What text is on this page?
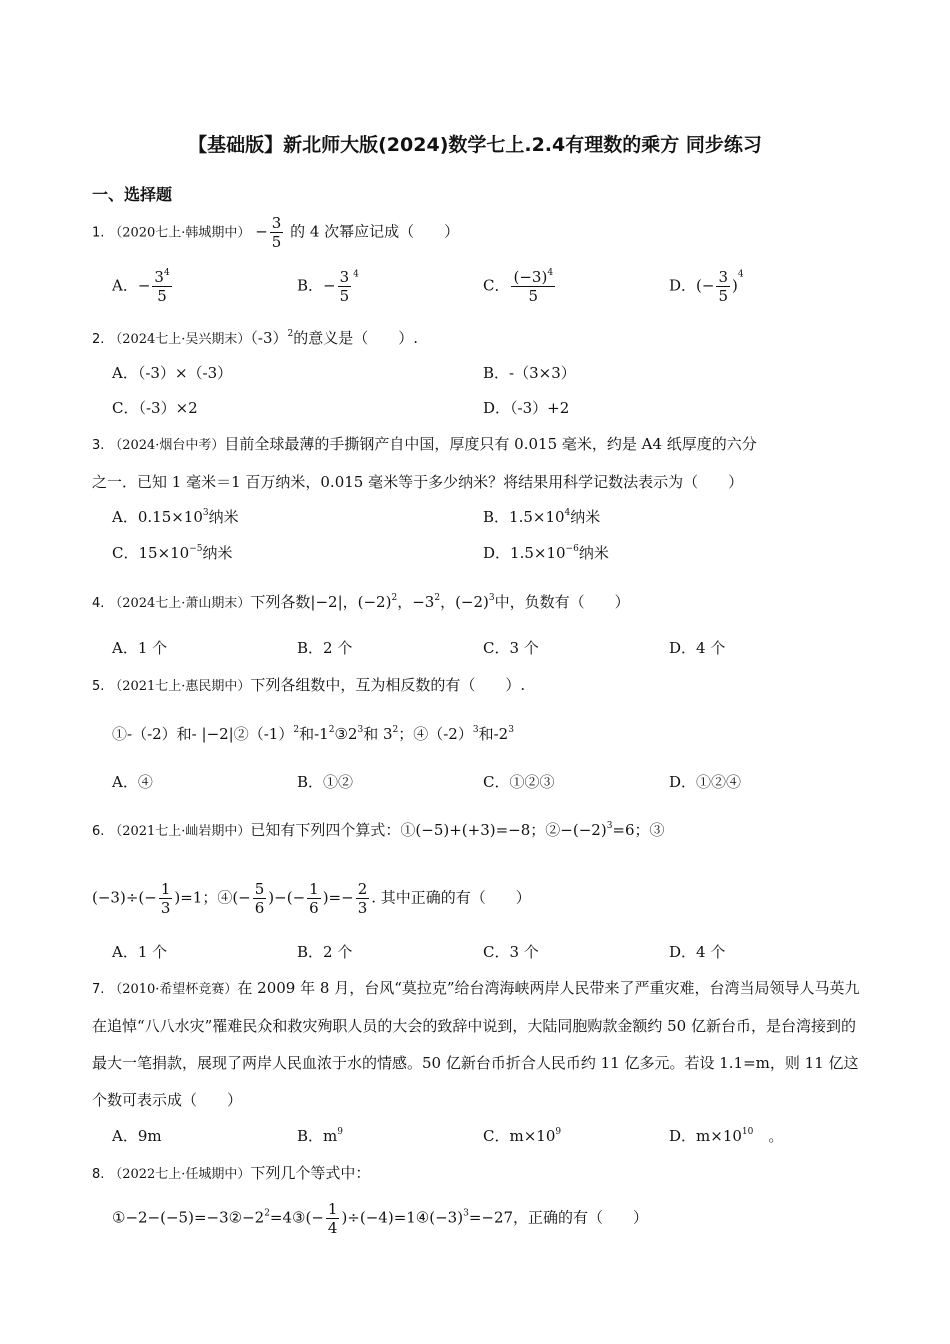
【基础版】新北师大版(2024)数学七上.2.4有理数的乘方 同步练习
一、选择题
1. （2020七上·韩城期中） − $\frac{3}{5}$ 的 4 次幂应记成（　　）
A．− $\frac{3^4}{5}$	B．− $\frac{3}{5} ^4$
C． $\frac{(-3)^4}{5}$	D．(− $\frac{3}{5} )^4$
2. （2024七上·吴兴期末）$(-3)^2$的意义是（　　）.
A．（-3）×（-3）	B．-（3×3）
C．（-3）×2	D．（-3）+2
3. （2024·烟台中考）目前全球最薄的手撕钢产自中国，厚度只有 0.015 毫米，约是 A4 纸厚度的六分
之一．已知 1 毫米＝1 百万纳米，0.015 毫米等于多少纳米？将结果用科学记数法表示为（　　）
A．$0.15\times 10^3$纳米	B．$1.5\times 10^4$纳米
C．$15\times 10^{-5}$纳米	D．$1.5\times 10^{-6}$纳米
4. （2024七上·萧山期末）下列各数|−2|，$(-2)^2$，$-3^2$，$(-2)^3$中，负数有（　　）
A．1 个	B．2 个	C．3 个	D．4 个
5. （2021七上·惠民期中）下列各组数中，互为相反数的有（　　）.
①-（-2）和- $|-2|②(-1)^2$和$-1^2③2^3$和 $3^2$；$④(-2)^3$和$-2^3$
A．④	B．①②	C．①②③	D．①②④
6. （2021七上·屾岩期中）已知有下列四个算式：①(−5)+(+3)=−8；$②-(-2)^3=6$；③
$(-3)\div(- \frac{1}{3} )=1$；④(− $\frac{5}{6}$ )−(− $\frac{1}{6}$ )=− $\frac{2}{3}$ . 其中正确的有（　　）
A．1 个	B．2 个	C．3 个	D．4 个
7. （2010·希望杯竞赛）在 2009 年 8 月，台风“莫拉克”给台湾海峡两岸人民带来了严重灾难，台湾当局领导人马英九在追悼“八八水灾”罹难民众和救灾殉职人员的大会的致辞中说到，大陆同胞购款金额约 50 亿新台币，是台湾接到的最大一笔捐款，展现了两岸人民血浓于水的情感。50 亿新台币折合人民币约 11 亿多元。若设 1.1=m，则 11 亿这个数可表示成（　　）
A．9m	B．$m^9$	C．$m\times 10^9$	D．$m\times 10^{10}$　。
8. （2022七上·任城期中）下列几个等式中：
$①-2-(-5)=-3②-2^2=4③(- \frac{1}{4}$ )$\div(-4)=1④(-3)^3=-27$，正确的有（　　）
